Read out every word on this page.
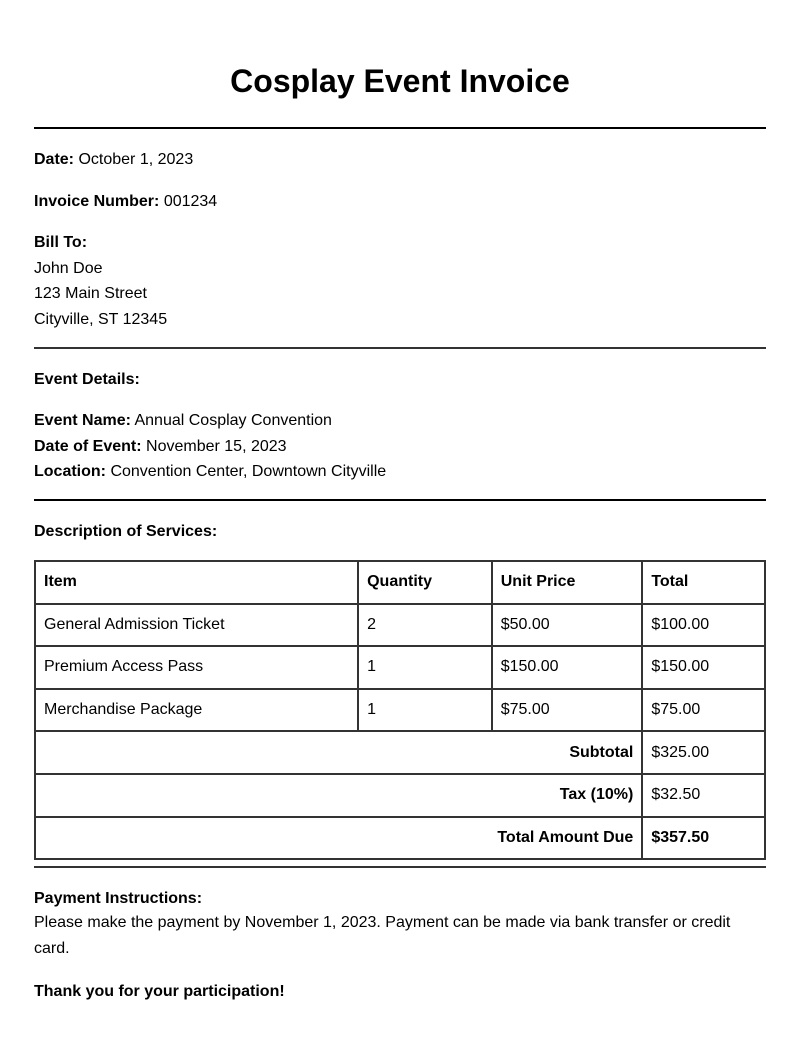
Cosplay Event Invoice
Date: October 1, 2023
Invoice Number: 001234
Bill To:
John Doe
123 Main Street
Cityville, ST 12345
Event Details:
Event Name: Annual Cosplay Convention
Date of Event: November 15, 2023
Location: Convention Center, Downtown Cityville
Description of Services:
Item	Quantity	Unit Price	Total
General Admission Ticket	2	$50.00	$100.00
Premium Access Pass	1	$150.00	$150.00
Merchandise Package	1	$75.00	$75.00
Subtotal			$325.00
Tax (10%)			$32.50
Total Amount Due			$357.50
Payment Instructions:
Please make the payment by November 1, 2023. Payment can be made via bank transfer or credit card.
Thank you for your participation!
